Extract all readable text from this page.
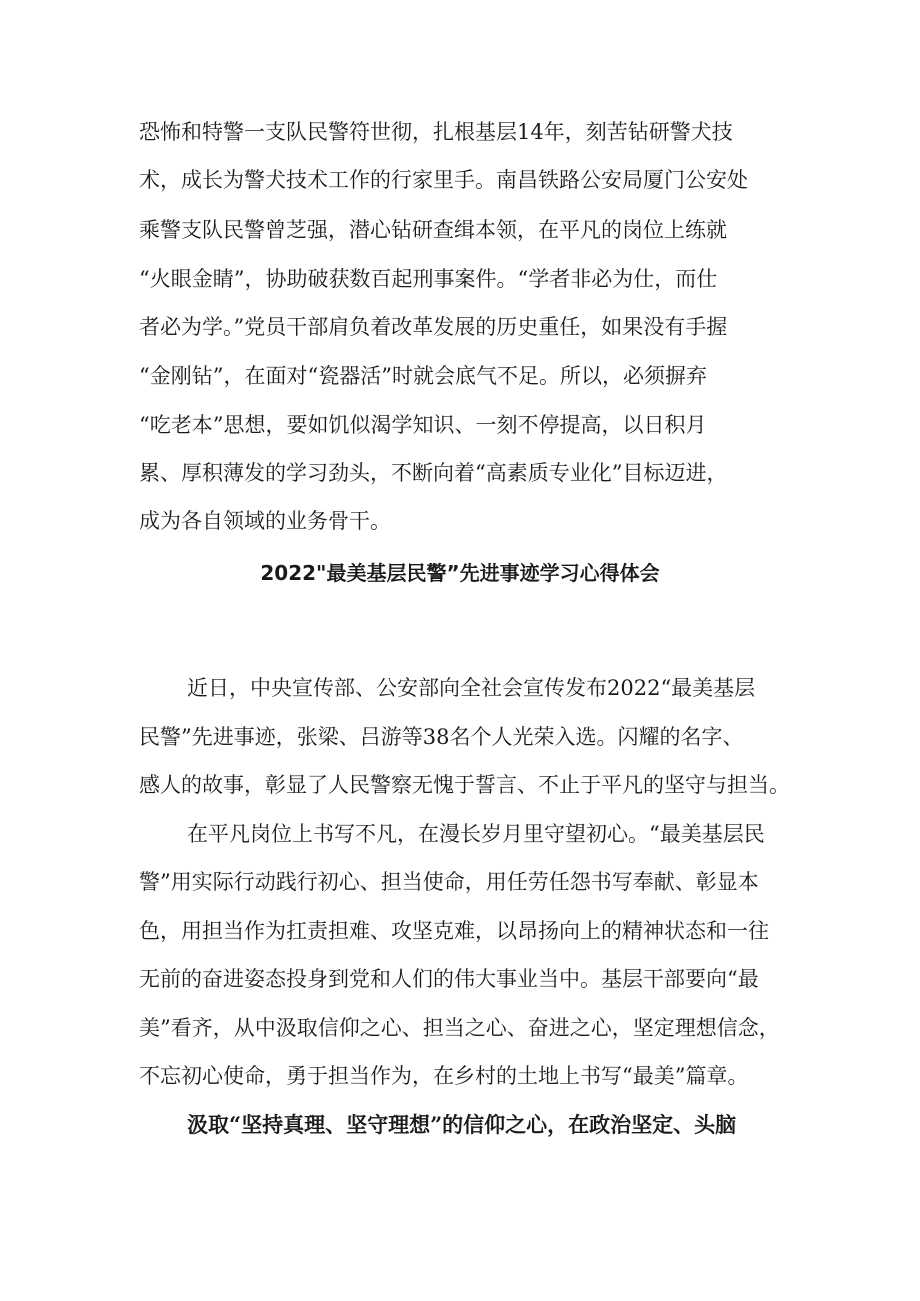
恐怖和特警一支队民警符世彻，扎根基层14年，刻苦钻研警犬技
术，成长为警犬技术工作的行家里手。南昌铁路公安局厦门公安处
乘警支队民警曾芝强，潜心钻研查缉本领，在平凡的岗位上练就
“火眼金睛”，协助破获数百起刑事案件。“学者非必为仕，而仕
者必为学。”党员干部肩负着改革发展的历史重任，如果没有手握
“金刚钻”，在面对“瓷器活”时就会底气不足。所以，必须摒弃
“吃老本”思想，要如饥似渴学知识、一刻不停提高，以日积月
累、厚积薄发的学习劲头，不断向着“高素质专业化”目标迈进，
成为各自领域的业务骨干。
2022"最美基层民警”先进事迹学习心得体会
近日，中央宣传部、公安部向全社会宣传发布2022“最美基层
民警”先进事迹，张梁、吕游等38名个人光荣入选。闪耀的名字、
感人的故事，彰显了人民警察无愧于誓言、不止于平凡的坚守与担当。
在平凡岗位上书写不凡，在漫长岁月里守望初心。“最美基层民
警”用实际行动践行初心、担当使命，用任劳任怨书写奉献、彰显本
色，用担当作为扛责担难、攻坚克难，以昂扬向上的精神状态和一往
无前的奋进姿态投身到党和人们的伟大事业当中。基层干部要向“最
美”看齐，从中汲取信仰之心、担当之心、奋进之心，坚定理想信念，
不忘初心使命，勇于担当作为，在乡村的土地上书写“最美”篇章。
汲取“坚持真理、坚守理想”的信仰之心，在政治坚定、头脑
